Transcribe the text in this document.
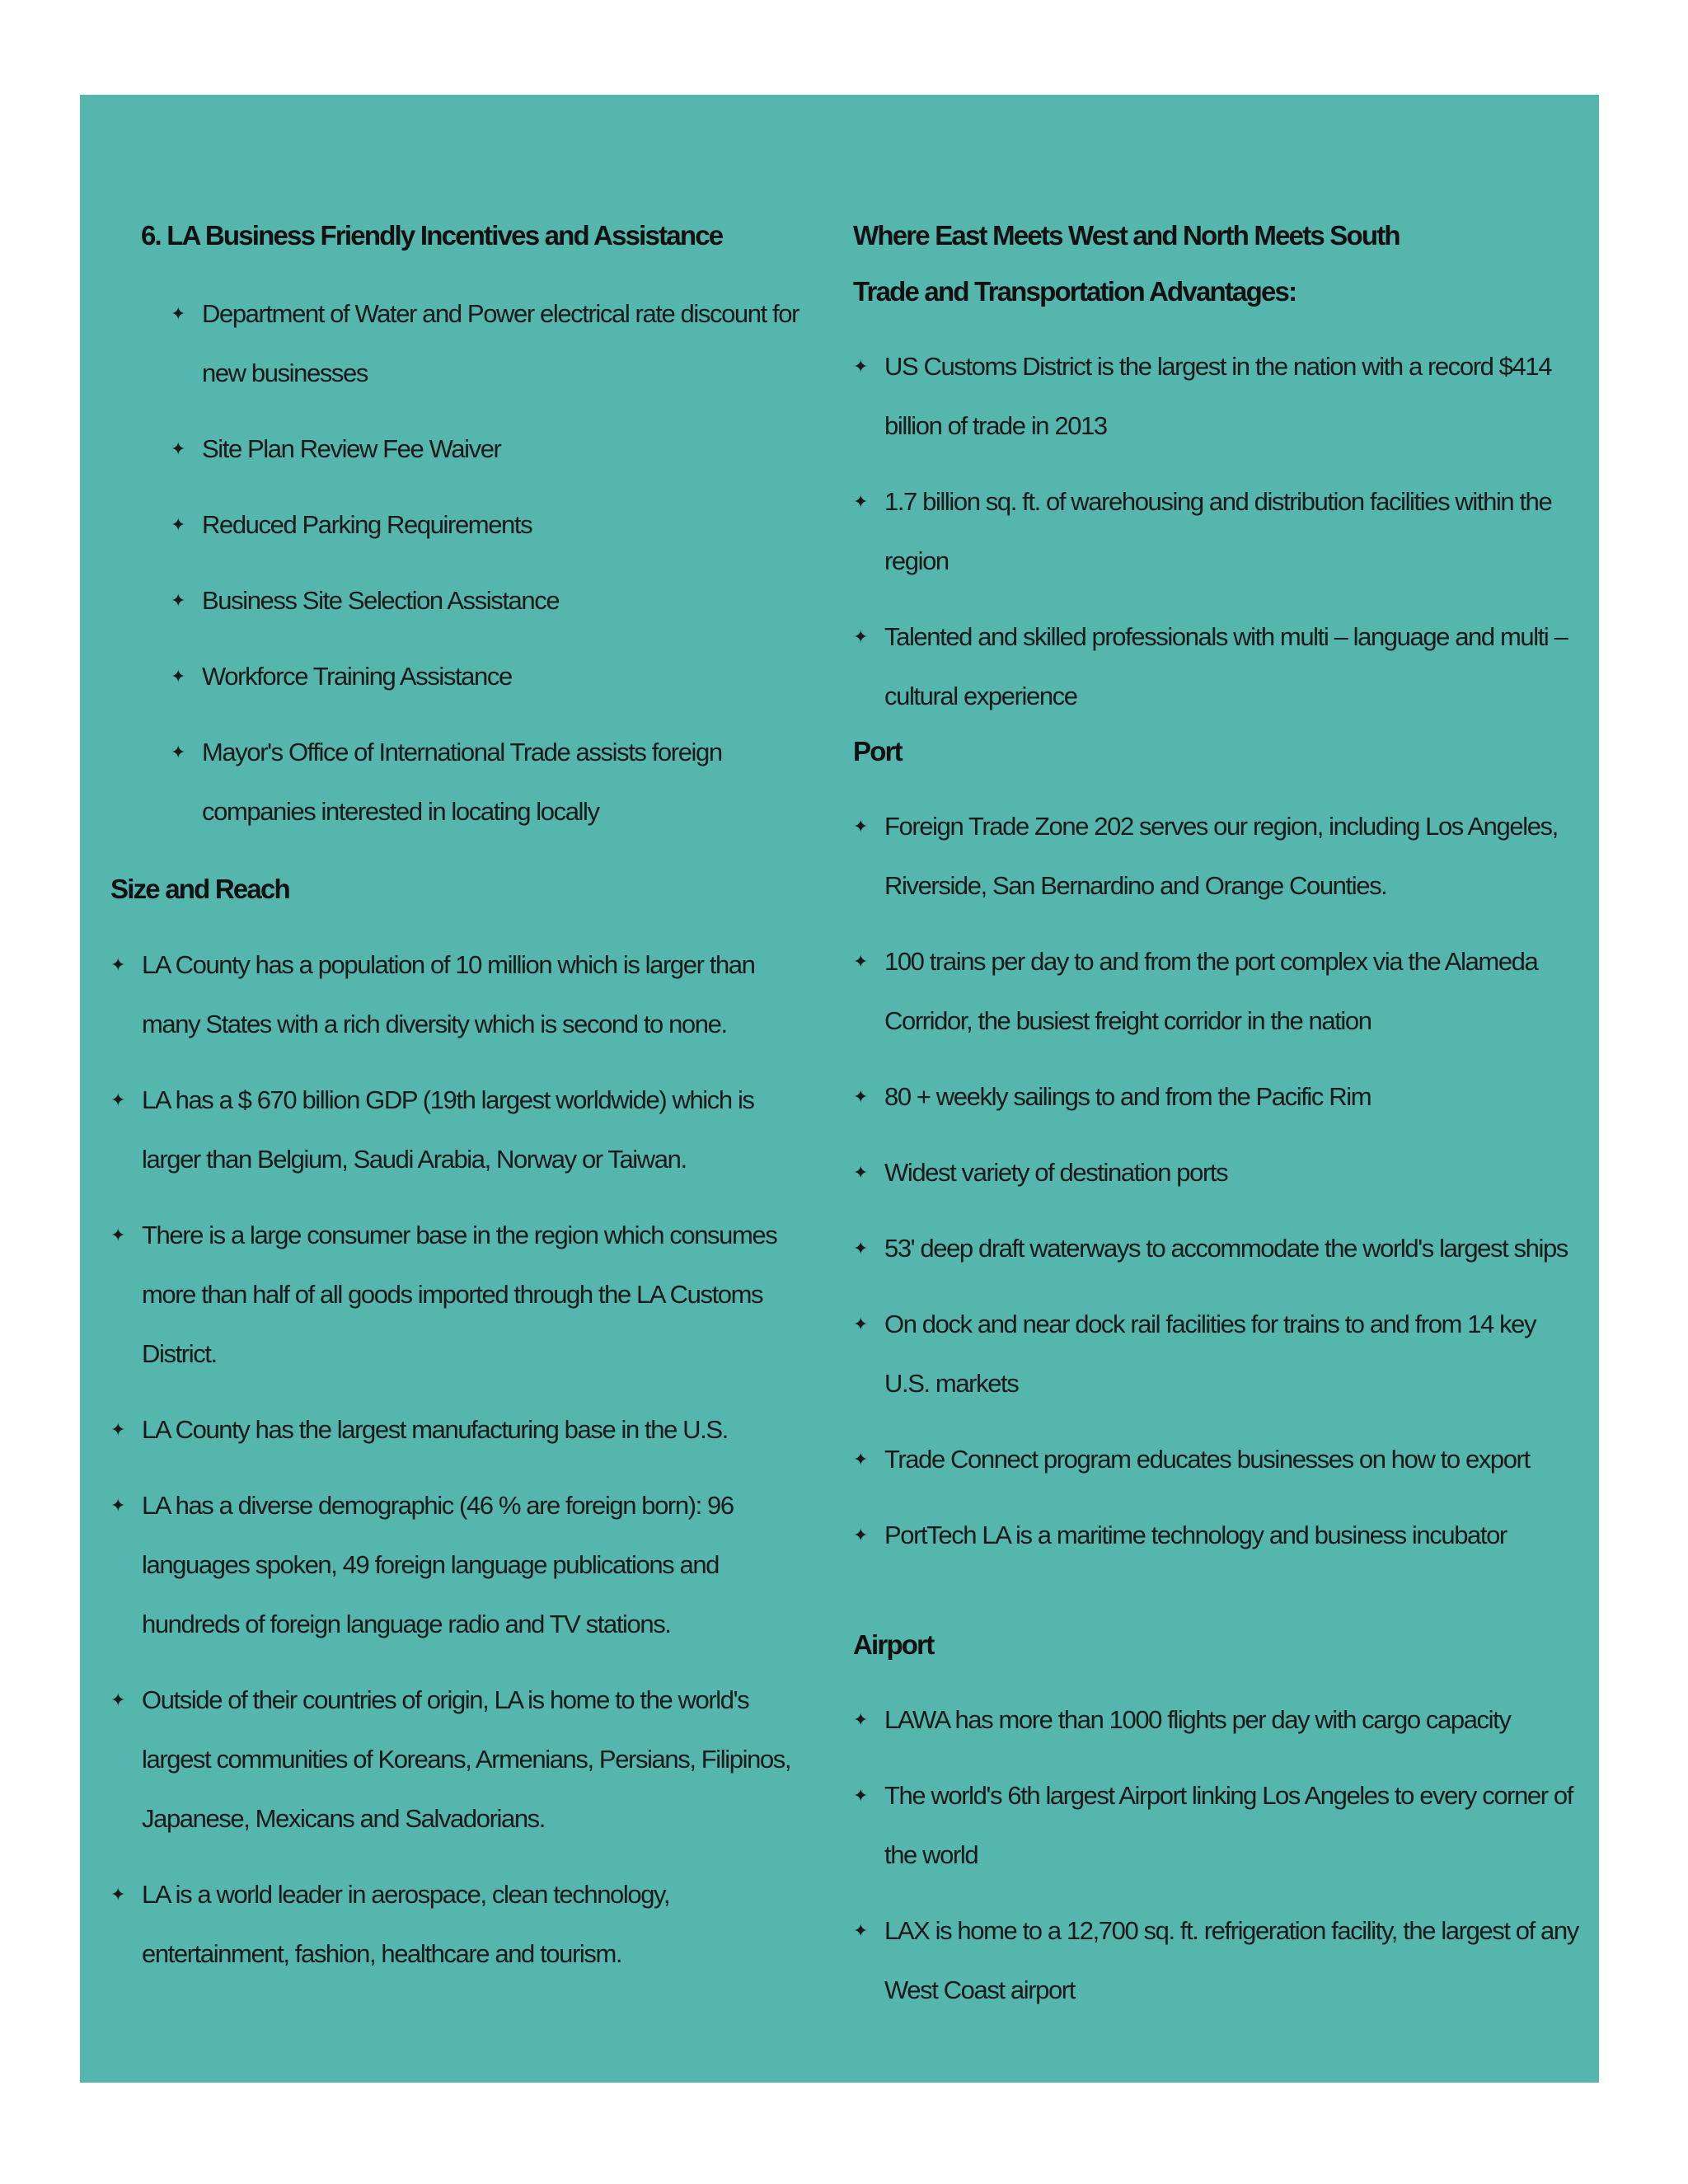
6. LA Business Friendly Incentives and Assistance
✦ Department of Water and Power electrical rate discount for new businesses
✦ Site Plan Review Fee Waiver
✦ Reduced Parking Requirements
✦ Business Site Selection Assistance
✦ Workforce Training Assistance
✦ Mayor's Office of International Trade assists foreign companies interested in locating locally
Size and Reach
✦ LA County has a population of 10 million which is larger than many States with a rich diversity which is second to none.
✦ LA has a $ 670 billion GDP (19th largest worldwide) which is larger than Belgium, Saudi Arabia, Norway or Taiwan.
✦ There is a large consumer base in the region which consumes more than half of all goods imported through the LA Customs District.
✦ LA County has the largest manufacturing base in the U.S.
✦ LA has a diverse demographic (46 % are foreign born): 96 languages spoken, 49 foreign language publications and hundreds of foreign language radio and TV stations.
✦ Outside of their countries of origin, LA is home to the world's largest communities of Koreans, Armenians, Persians, Filipinos, Japanese, Mexicans and Salvadorians.
✦ LA is a world leader in aerospace, clean technology, entertainment, fashion, healthcare and tourism.
Where East Meets West and North Meets South
Trade and Transportation Advantages:
✦ US Customs District is the largest in the nation with a record $414 billion of trade in 2013
✦ 1.7 billion sq. ft. of warehousing and distribution facilities within the region
✦ Talented and skilled professionals with multi – language and multi – cultural experience
Port
✦ Foreign Trade Zone 202 serves our region, including Los Angeles, Riverside, San Bernardino and Orange Counties.
✦ 100 trains per day to and from the port complex via the Alameda Corridor, the busiest freight corridor in the nation
✦ 80 + weekly sailings to and from the Pacific Rim
✦ Widest variety of destination ports
✦ 53' deep draft waterways to accommodate the world's largest ships
✦ On dock and near dock rail facilities for trains to and from 14 key U.S. markets
✦ Trade Connect program educates businesses on how to export
✦ PortTech LA is a maritime technology and business incubator
Airport
✦ LAWA has more than 1000 flights per day with cargo capacity
✦ The world's 6th largest Airport linking Los Angeles to every corner of the world
✦ LAX is home to a 12,700 sq. ft. refrigeration facility, the largest of any West Coast airport
